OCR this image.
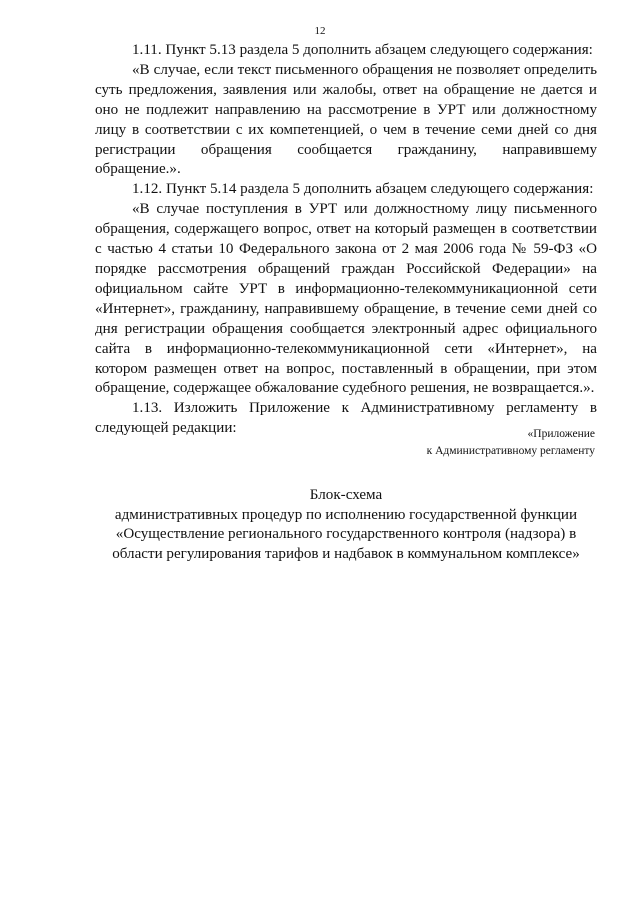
12

1.11. Пункт 5.13 раздела 5 дополнить абзацем следующего содержания:

«В случае, если текст письменного обращения не позволяет определить суть предложения, заявления или жалобы, ответ на обращение не дается и оно не подлежит направлению на рассмотрение в УРТ или должностному лицу в соответствии с их компетенцией, о чем в течение семи дней со дня регистрации обращения сообщается гражданину, направившему обращение.».

1.12. Пункт 5.14 раздела 5 дополнить абзацем следующего содержания:

«В случае поступления в УРТ или должностному лицу письменного обращения, содержащего вопрос, ответ на который размещен в соответствии с частью 4 статьи 10 Федерального закона от 2 мая 2006 года № 59-ФЗ «О порядке рассмотрения обращений граждан Российской Федерации» на официальном сайте УРТ в информационно-телекоммуникационной сети «Интернет», гражданину, направившему обращение, в течение семи дней со дня регистрации обращения сообщается электронный адрес официального сайта в информационно-телекоммуникационной сети «Интернет», на котором размещен ответ на вопрос, поставленный в обращении, при этом обращение, содержащее обжалование судебного решения, не возвращается.».

1.13. Изложить Приложение к Административному регламенту в следующей редакции:	«Приложение
к Административному регламенту
Блок-схема
административных процедур по исполнению государственной функции
«Осуществление регионального государственного контроля (надзора) в
области регулирования тарифов и надбавок в коммунальном комплексе»
